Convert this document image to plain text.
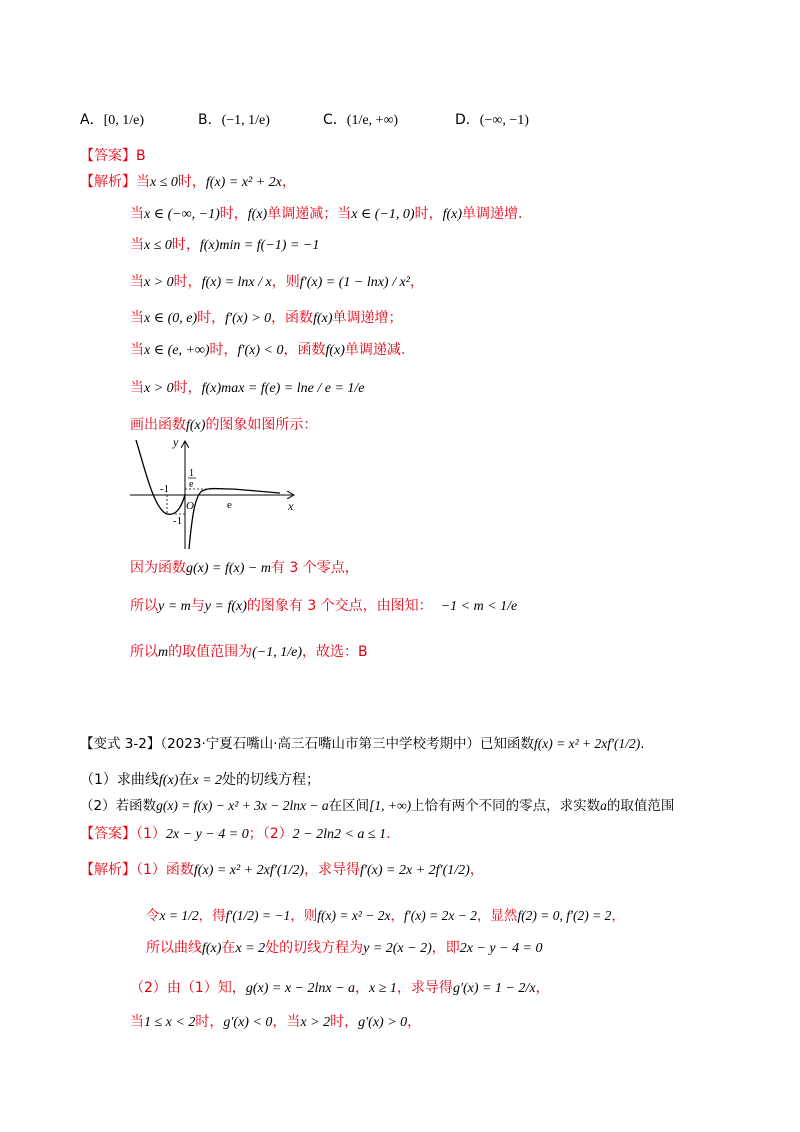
A．[0, 1/e)	B．(−1, 1/e)	C．(1/e, +∞)	D．(−∞, −1)
【答案】B
【解析】当x ≤ 0时，f(x) = x² + 2x，
当x ∈ (−∞, −1)时，f(x)单调递减；当x ∈ (−1, 0)时，f(x)单调递增.
当x ≤ 0时，f(x)min = f(−1) = −1
当x > 0时，f(x) = lnx / x，则f′(x) = (1 − lnx) / x²，
当x ∈ (0, e)时，f′(x) > 0，函数f(x)单调递增；
当x ∈ (e, +∞)时，f′(x) < 0，函数f(x)单调递减.
当x > 0时，f(x)max = f(e) = lne / e = 1/e
画出函数f(x)的图象如图所示：
y
x
O
-1
-1
e
1
e
因为函数g(x) = f(x) − m有 3 个零点，
所以y = m与y = f(x)的图象有 3 个交点，由图知： −1 < m < 1/e
所以m的取值范围为(−1, 1/e)，故选：B
【变式 3-2】（2023·宁夏石嘴山·高三石嘴山市第三中学校考期中）已知函数f(x) = x² + 2xf′(1/2).
（1）求曲线f(x)在x = 2处的切线方程；
（2）若函数g(x) = f(x) − x² + 3x − 2lnx − a在区间[1, +∞)上恰有两个不同的零点，求实数a的取值范围
【答案】（1）2x − y − 4 = 0；（2）2 − 2ln2 < a ≤ 1.
【解析】（1）函数f(x) = x² + 2xf′(1/2)，求导得f′(x) = 2x + 2f′(1/2)，
令x = 1/2，得f′(1/2) = −1，则f(x) = x² − 2x，f′(x) = 2x − 2，显然f(2) = 0, f′(2) = 2，
所以曲线f(x)在x = 2处的切线方程为y = 2(x − 2)，即2x − y − 4 = 0
（2）由（1）知，g(x) = x − 2lnx − a，x ≥ 1，求导得g′(x) = 1 − 2/x，
当1 ≤ x < 2时，g′(x) < 0，当x > 2时，g′(x) > 0，
